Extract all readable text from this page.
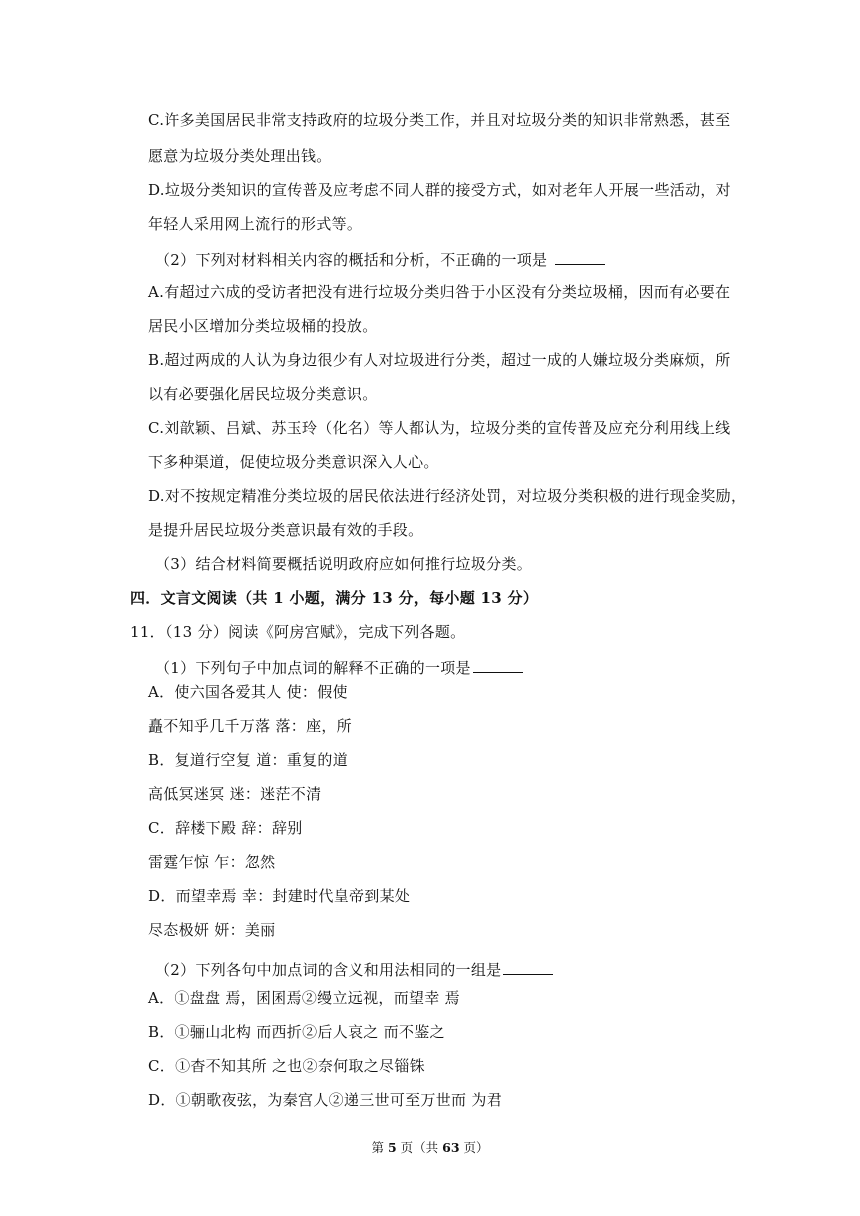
C.许多美国居民非常支持政府的垃圾分类工作，并且对垃圾分类的知识非常熟悉，甚至
愿意为垃圾分类处理出钱。
D.垃圾分类知识的宣传普及应考虑不同人群的接受方式，如对老年人开展一些活动，对
年轻人采用网上流行的形式等。
（2）下列对材料相关内容的概括和分析，不正确的一项是
A.有超过六成的受访者把没有进行垃圾分类归咎于小区没有分类垃圾桶，因而有必要在
居民小区增加分类垃圾桶的投放。
B.超过两成的人认为身边很少有人对垃圾进行分类，超过一成的人嫌垃圾分类麻烦，所
以有必要强化居民垃圾分类意识。
C.刘歆颖、吕斌、苏玉玲（化名）等人都认为，垃圾分类的宣传普及应充分利用线上线
下多种渠道，促使垃圾分类意识深入人心。
D.对不按规定精准分类垃圾的居民依法进行经济处罚，对垃圾分类积极的进行现金奖励，
是提升居民垃圾分类意识最有效的手段。
（3）结合材料简要概括说明政府应如何推行垃圾分类。
四．文言文阅读（共 1 小题，满分 13 分，每小题 13 分）
11．（13 分）阅读《阿房宫赋》，完成下列各题。
（1）下列句子中加点词的解释不正确的一项是
A．使六国各爱其人 使：假使
矗不知乎几千万落 落：座，所
B．复道行空复 道：重复的道
高低冥迷冥 迷：迷茫不清
C．辞楼下殿 辞：辞别
雷霆乍惊 乍：忽然
D．而望幸焉 幸：封建时代皇帝到某处
尽态极妍 妍：美丽
（2）下列各句中加点词的含义和用法相同的一组是
A．①盘盘 焉，囷囷焉②缦立远视，而望幸 焉
B．①骊山北构 而西折②后人哀之 而不鉴之
C．①杳不知其所 之也②奈何取之尽锱铢
D．①朝歌夜弦，为秦宫人②递三世可至万世而 为君
第 5 页（共 63 页）
